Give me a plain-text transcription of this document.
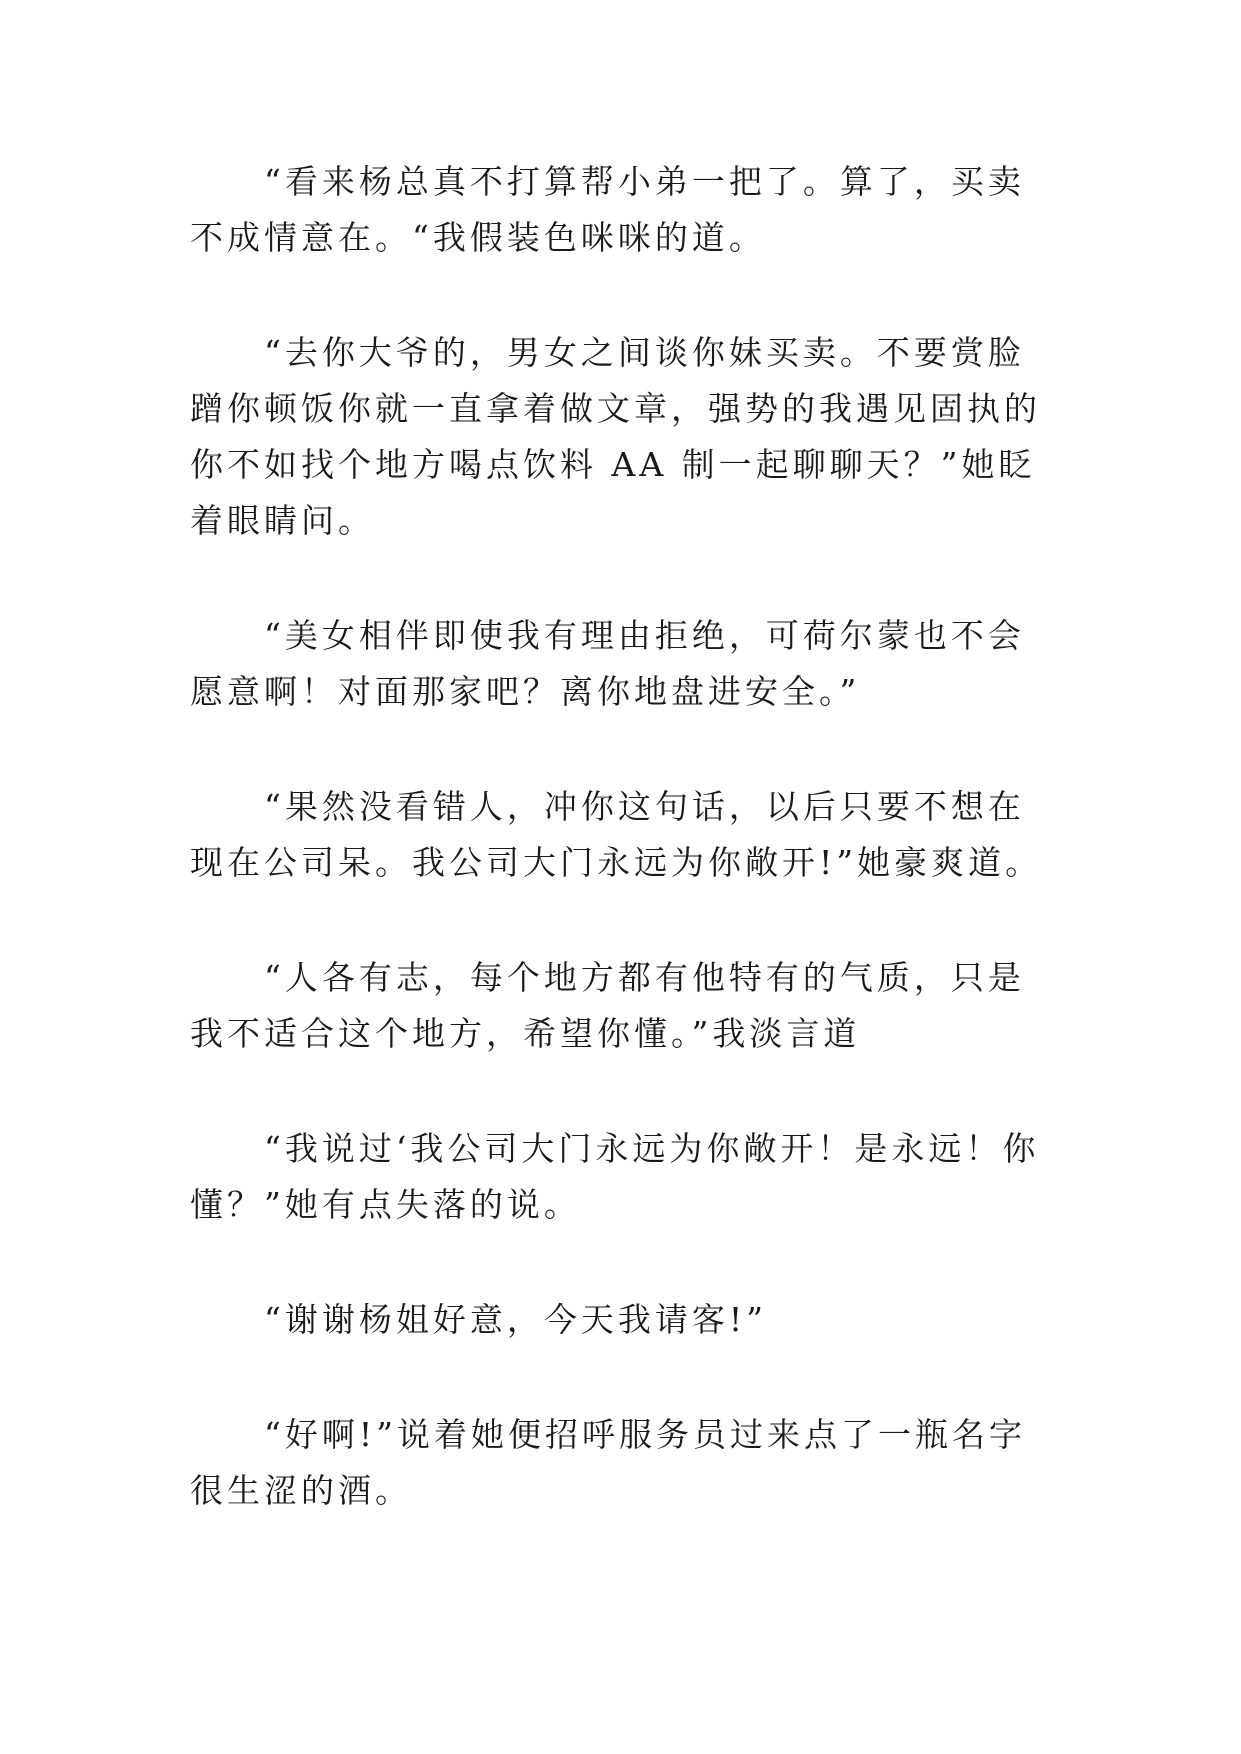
“看来杨总真不打算帮小弟一把了。算了，买卖不成情意在。“我假装色咪咪的道。

“去你大爷的，男女之间谈你妹买卖。不要赏脸蹭你顿饭你就一直拿着做文章，强势的我遇见固执的你不如找个地方喝点饮料 AA 制一起聊聊天？”她眨着眼睛问。

“美女相伴即使我有理由拒绝，可荷尔蒙也不会愿意啊！对面那家吧？离你地盘进安全。”

“果然没看错人，冲你这句话，以后只要不想在现在公司呆。我公司大门永远为你敞开!”她豪爽道。

“人各有志，每个地方都有他特有的气质，只是我不适合这个地方，希望你懂。”我淡言道

“我说过‘我公司大门永远为你敞开！是永远！你懂？”她有点失落的说。

“谢谢杨姐好意，今天我请客!”

“好啊!”说着她便招呼服务员过来点了一瓶名字很生涩的酒。
